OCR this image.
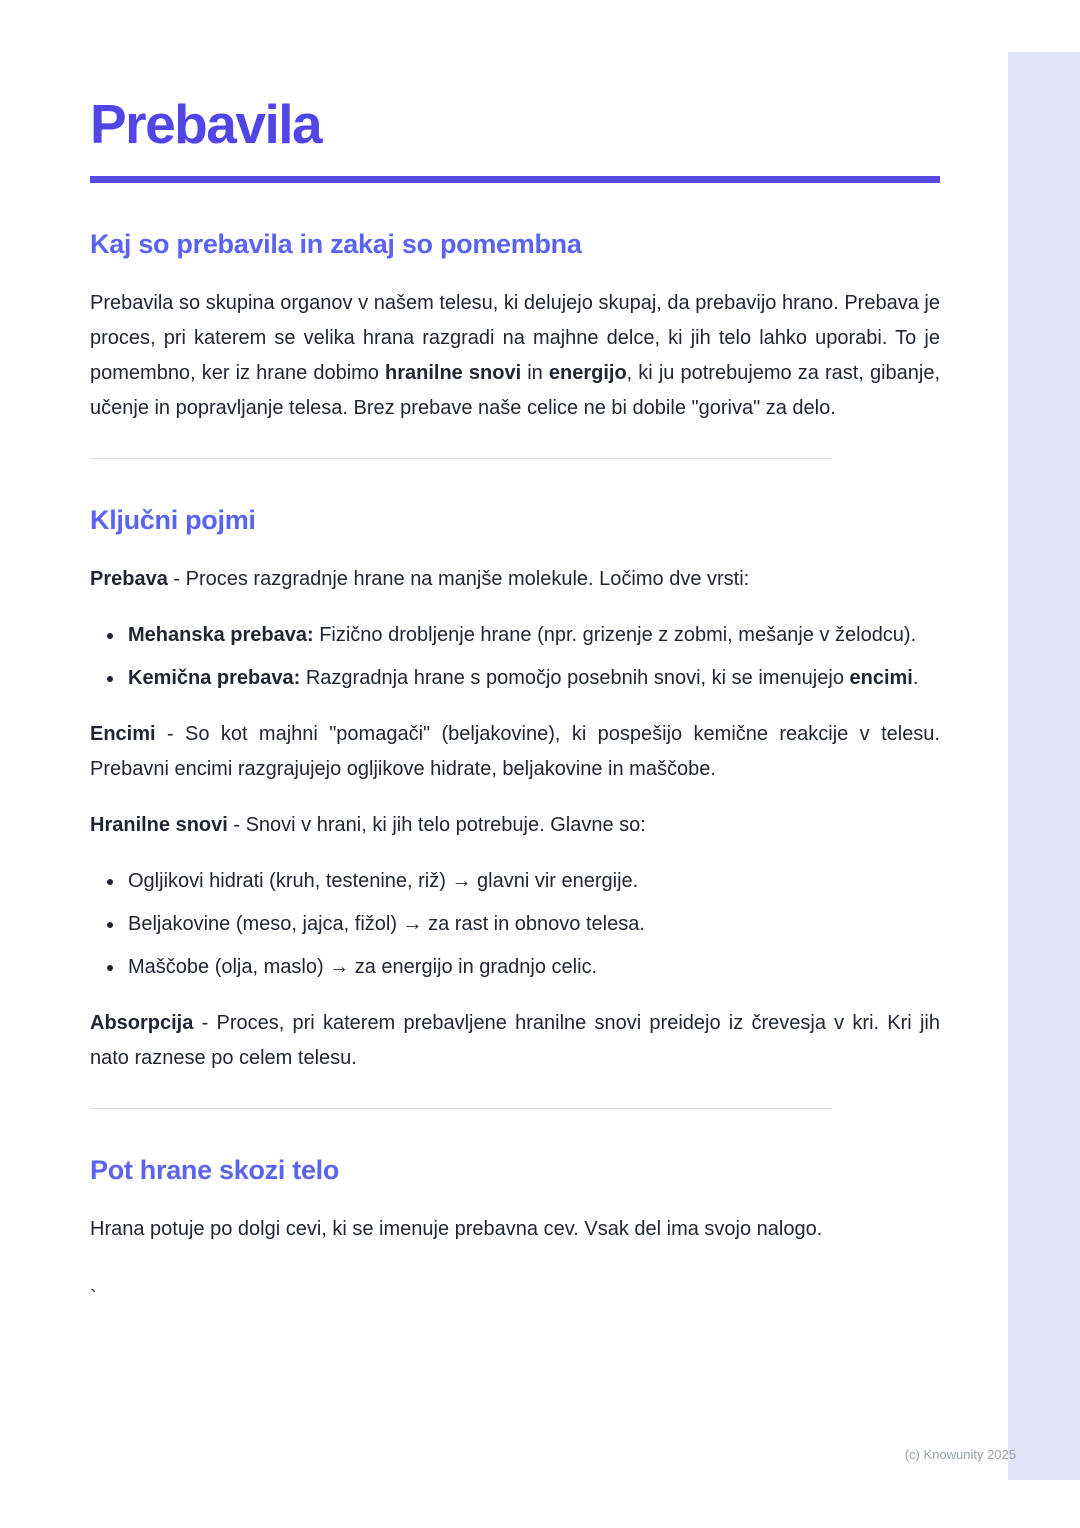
Prebavila
Kaj so prebavila in zakaj so pomembna

Prebavila so skupina organov v našem telesu, ki delujejo skupaj, da prebavijo hrano. Prebava je proces, pri katerem se velika hrana razgradi na majhne delce, ki jih telo lahko uporabi. To je pomembno, ker iz hrane dobimo hranilne snovi in energijo, ki ju potrebujemo za rast, gibanje, učenje in popravljanje telesa. Brez prebave naše celice ne bi dobile "goriva" za delo.

Ključni pojmi

Prebava - Proces razgradnje hrane na manjše molekule. Ločimo dve vrsti:

• Mehanska prebava: Fizično drobljenje hrane (npr. grizenje z zobmi, mešanje v želodcu).
• Kemična prebava: Razgradnja hrane s pomočjo posebnih snovi, ki se imenujejo encimi.

Encimi - So kot majhni "pomagači" (beljakovine), ki pospešijo kemične reakcije v telesu. Prebavni encimi razgrajujejo ogljikove hidrate, beljakovine in maščobe.

Hranilne snovi - Snovi v hrani, ki jih telo potrebuje. Glavne so:

• Ogljikovi hidrati (kruh, testenine, riž) → glavni vir energije.
• Beljakovine (meso, jajca, fižol) → za rast in obnovo telesa.
• Maščobe (olja, maslo) → za energijo in gradnjo celic.

Absorpcija - Proces, pri katerem prebavljene hranilne snovi preidejo iz črevesja v kri. Kri jih nato raznese po celem telesu.

Pot hrane skozi telo

Hrana potuje po dolgi cevi, ki se imenuje prebavna cev. Vsak del ima svojo nalogo.

`

(c) Knowunity 2025
